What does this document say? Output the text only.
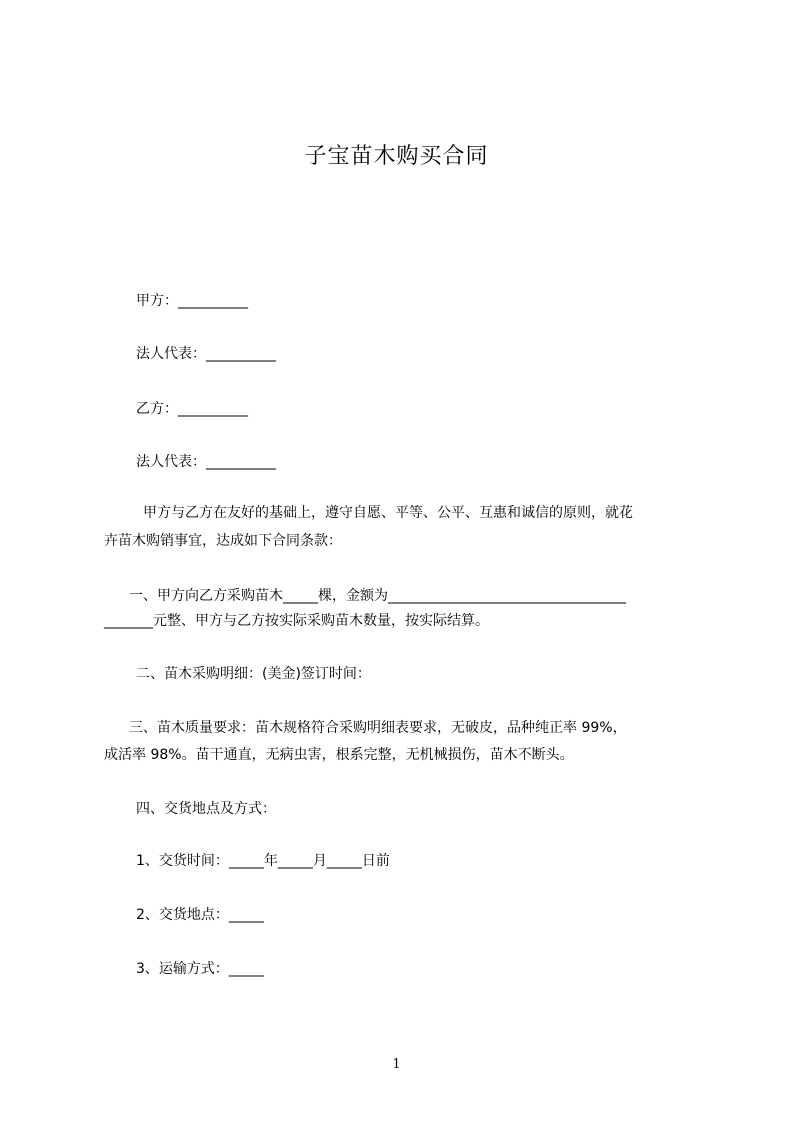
子宝苗木购买合同
甲方：__________
法人代表：__________
乙方：__________
法人代表：__________
甲方与乙方在友好的基础上，遵守自愿、平等、公平、互惠和诚信的原则，就花
卉苗木购销事宜，达成如下合同条款：
一、甲方向乙方采购苗木_____棵，金额为__________________________________
_______元整、甲方与乙方按实际采购苗木数量，按实际结算。
二、苗木采购明细：(美金)签订时间：
三、苗木质量要求：苗木规格符合采购明细表要求，无破皮，品种纯正率 99%，
成活率 98%。苗干通直，无病虫害，根系完整，无机械损伤，苗木不断头。
四、交货地点及方式：
1、交货时间：_____年_____月_____日前
2、交货地点：_____
3、运输方式：_____
1
